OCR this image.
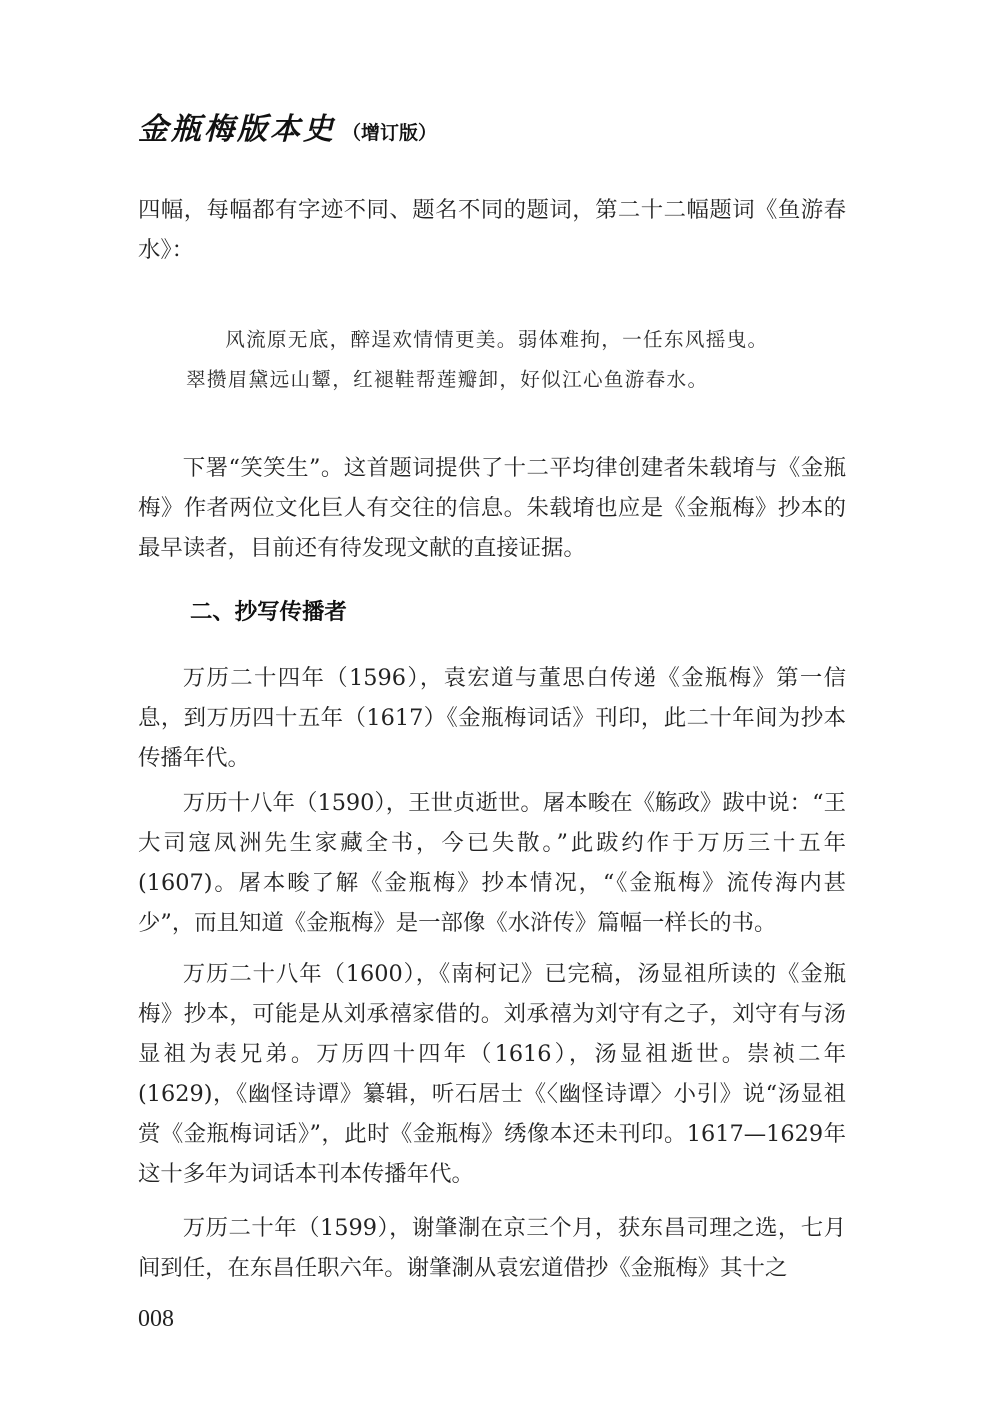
金瓶梅版本史 （增订版）

四幅，每幅都有字迹不同、题名不同的题词，第二十二幅题词《鱼游春水》：

风流原无底，醉逞欢情情更美。弱体难拘，一任东风摇曳。
翠攒眉黛远山颦，红褪鞋帮莲瓣卸，好似江心鱼游春水。

下署“笑笑生”。这首题词提供了十二平均律创建者朱载堉与《金瓶梅》作者两位文化巨人有交往的信息。朱载堉也应是《金瓶梅》抄本的最早读者，目前还有待发现文献的直接证据。

二、抄写传播者

万历二十四年（1596），袁宏道与董思白传递《金瓶梅》第一信息，到万历四十五年（1617）《金瓶梅词话》刊印，此二十年间为抄本传播年代。

万历十八年（1590），王世贞逝世。屠本畯在《觞政》跋中说：“王大司寇凤洲先生家藏全书，今已失散。”此跋约作于万历三十五年(1607)。屠本畯了解《金瓶梅》抄本情况，“《金瓶梅》流传海内甚少”，而且知道《金瓶梅》是一部像《水浒传》篇幅一样长的书。

万历二十八年（1600），《南柯记》已完稿，汤显祖所读的《金瓶梅》抄本，可能是从刘承禧家借的。刘承禧为刘守有之子，刘守有与汤显祖为表兄弟。万历四十四年（1616），汤显祖逝世。崇祯二年(1629)，《幽怪诗谭》纂辑，听石居士《〈幽怪诗谭〉小引》说“汤显祖赏《金瓶梅词话》”，此时《金瓶梅》绣像本还未刊印。1617—1629年这十多年为词话本刊本传播年代。

万历二十年（1599），谢肇淛在京三个月，获东昌司理之选，七月间到任，在东昌任职六年。谢肇淛从袁宏道借抄《金瓶梅》其十之

008
